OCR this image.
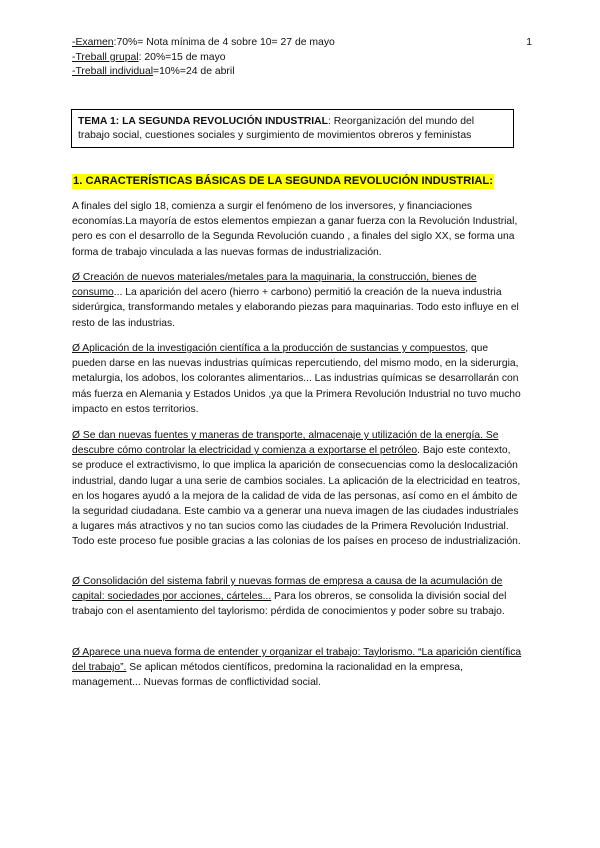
-Examen:70%= Nota mínima de 4 sobre 10= 27 de mayo	1
-Treball grupal: 20%=15 de mayo
-Treball individual=10%=24 de abril
TEMA 1: LA SEGUNDA REVOLUCIÓN INDUSTRIAL: Reorganización del mundo del trabajo social, cuestiones sociales y surgimiento de movimientos obreros y feministas
1. CARACTERÍSTICAS BÁSICAS DE LA SEGUNDA REVOLUCIÓN INDUSTRIAL:

A finales del siglo 18, comienza a surgir el fenómeno de los inversores, y financiaciones economías.La mayoría de estos elementos empiezan a ganar fuerza con la Revolución Industrial, pero es con el desarrollo de la Segunda Revolución cuando , a finales del siglo XX, se forma una forma de trabajo vinculada a las nuevas formas de industrialización.

Ø Creación de nuevos materiales/metales para la maquinaria, la construcción, bienes de consumo... La aparición del acero (hierro + carbono) permitió la creación de la nueva industria siderúrgica, transformando metales y elaborando piezas para maquinarias. Todo esto influye en el resto de las industrias.

Ø Aplicación de la investigación científica a la producción de sustancias y compuestos, que pueden darse en las nuevas industrias químicas repercutiendo, del mismo modo, en la siderurgia, metalurgia, los adobos, los colorantes alimentarios... Las industrias químicas se desarrollarán con más fuerza en Alemania y Estados Unidos ,ya que la Primera Revolución Industrial no tuvo mucho impacto en estos territorios.

Ø Se dan nuevas fuentes y maneras de transporte, almacenaje y utilización de la energía. Se descubre cómo controlar la electricidad y comienza a exportarse el petróleo. Bajo este contexto, se produce el extractivismo, lo que implica la aparición de consecuencias como la deslocalización industrial, dando lugar a una serie de cambios sociales. La aplicación de la electricidad en teatros, en los hogares ayudó a la mejora de la calidad de vida de las personas, así como en el ámbito de la seguridad ciudadana. Este cambio va a generar una nueva imagen de las ciudades industriales a lugares más atractivos y no tan sucios como las ciudades de la Primera Revolución Industrial. Todo este proceso fue posible gracias a las colonias de los países en proceso de industrialización.

Ø Consolidación del sistema fabril y nuevas formas de empresa a causa de la acumulación de capital: sociedades por acciones, cárteles... Para los obreros, se consolida la división social del trabajo con el asentamiento del taylorismo: pérdida de conocimientos y poder sobre su trabajo.

Ø Aparece una nueva forma de entender y organizar el trabajo: Taylorismo. “La aparición científica del trabajo”. Se aplican métodos científicos, predomina la racionalidad en la empresa, management... Nuevas formas de conflictividad social.
